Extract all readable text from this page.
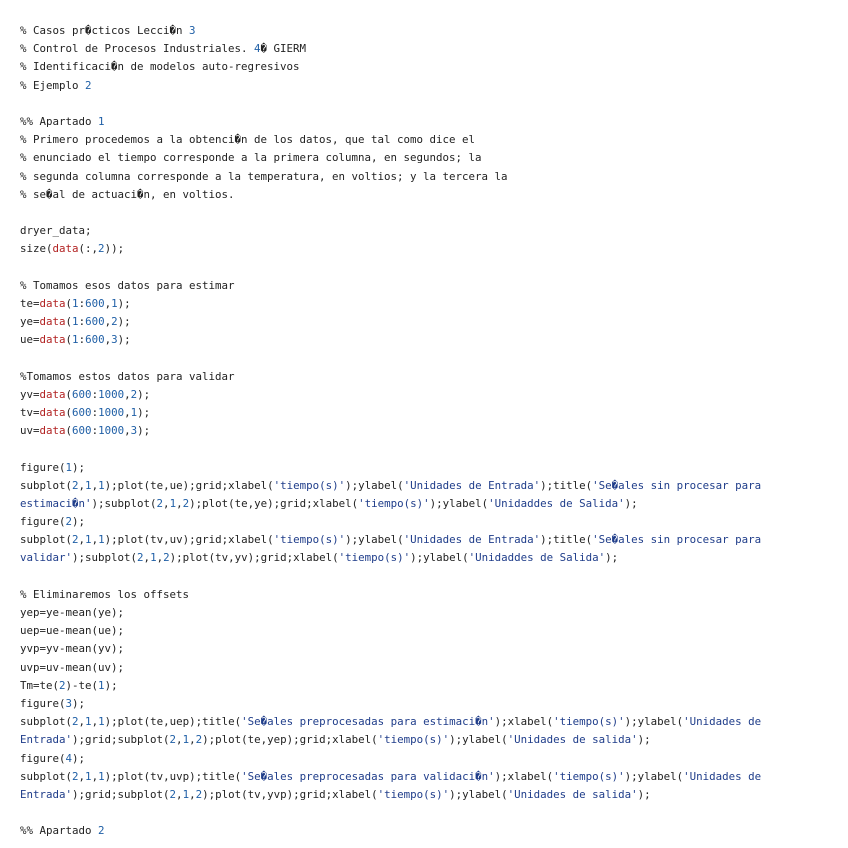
% Casos pr�cticos Lecci�n 3
% Control de Procesos Industriales. 4� GIERM
% Identificaci�n de modelos auto-regresivos
% Ejemplo 2

%% Apartado 1
% Primero procedemos a la obtenci�n de los datos, que tal como dice el
% enunciado el tiempo corresponde a la primera columna, en segundos; la
% segunda columna corresponde a la temperatura, en voltios; y la tercera la
% se�al de actuaci�n, en voltios.

dryer_data;
size(data(:,2));

% Tomamos esos datos para estimar
te=data(1:600,1);
ye=data(1:600,2);
ue=data(1:600,3);

%Tomamos estos datos para validar
yv=data(600:1000,2);
tv=data(600:1000,1);
uv=data(600:1000,3);

figure(1);
subplot(2,1,1);plot(te,ue);grid;xlabel('tiempo(s)');ylabel('Unidades de Entrada');title('Se�ales sin procesar para
estimaci�n');subplot(2,1,2);plot(te,ye);grid;xlabel('tiempo(s)');ylabel('Unidaddes de Salida');
figure(2);
subplot(2,1,1);plot(tv,uv);grid;xlabel('tiempo(s)');ylabel('Unidades de Entrada');title('Se�ales sin procesar para
validar');subplot(2,1,2);plot(tv,yv);grid;xlabel('tiempo(s)');ylabel('Unidaddes de Salida');

% Eliminaremos los offsets
yep=ye-mean(ye);
uep=ue-mean(ue);
yvp=yv-mean(yv);
uvp=uv-mean(uv);
Tm=te(2)-te(1);
figure(3);
subplot(2,1,1);plot(te,uep);title('Se�ales preprocesadas para estimaci�n');xlabel('tiempo(s)');ylabel('Unidades de
Entrada');grid;subplot(2,1,2);plot(te,yep);grid;xlabel('tiempo(s)');ylabel('Unidades de salida');
figure(4);
subplot(2,1,1);plot(tv,uvp);title('Se�ales preprocesadas para validaci�n');xlabel('tiempo(s)');ylabel('Unidades de
Entrada');grid;subplot(2,1,2);plot(tv,yvp);grid;xlabel('tiempo(s)');ylabel('Unidades de salida');

%% Apartado 2
